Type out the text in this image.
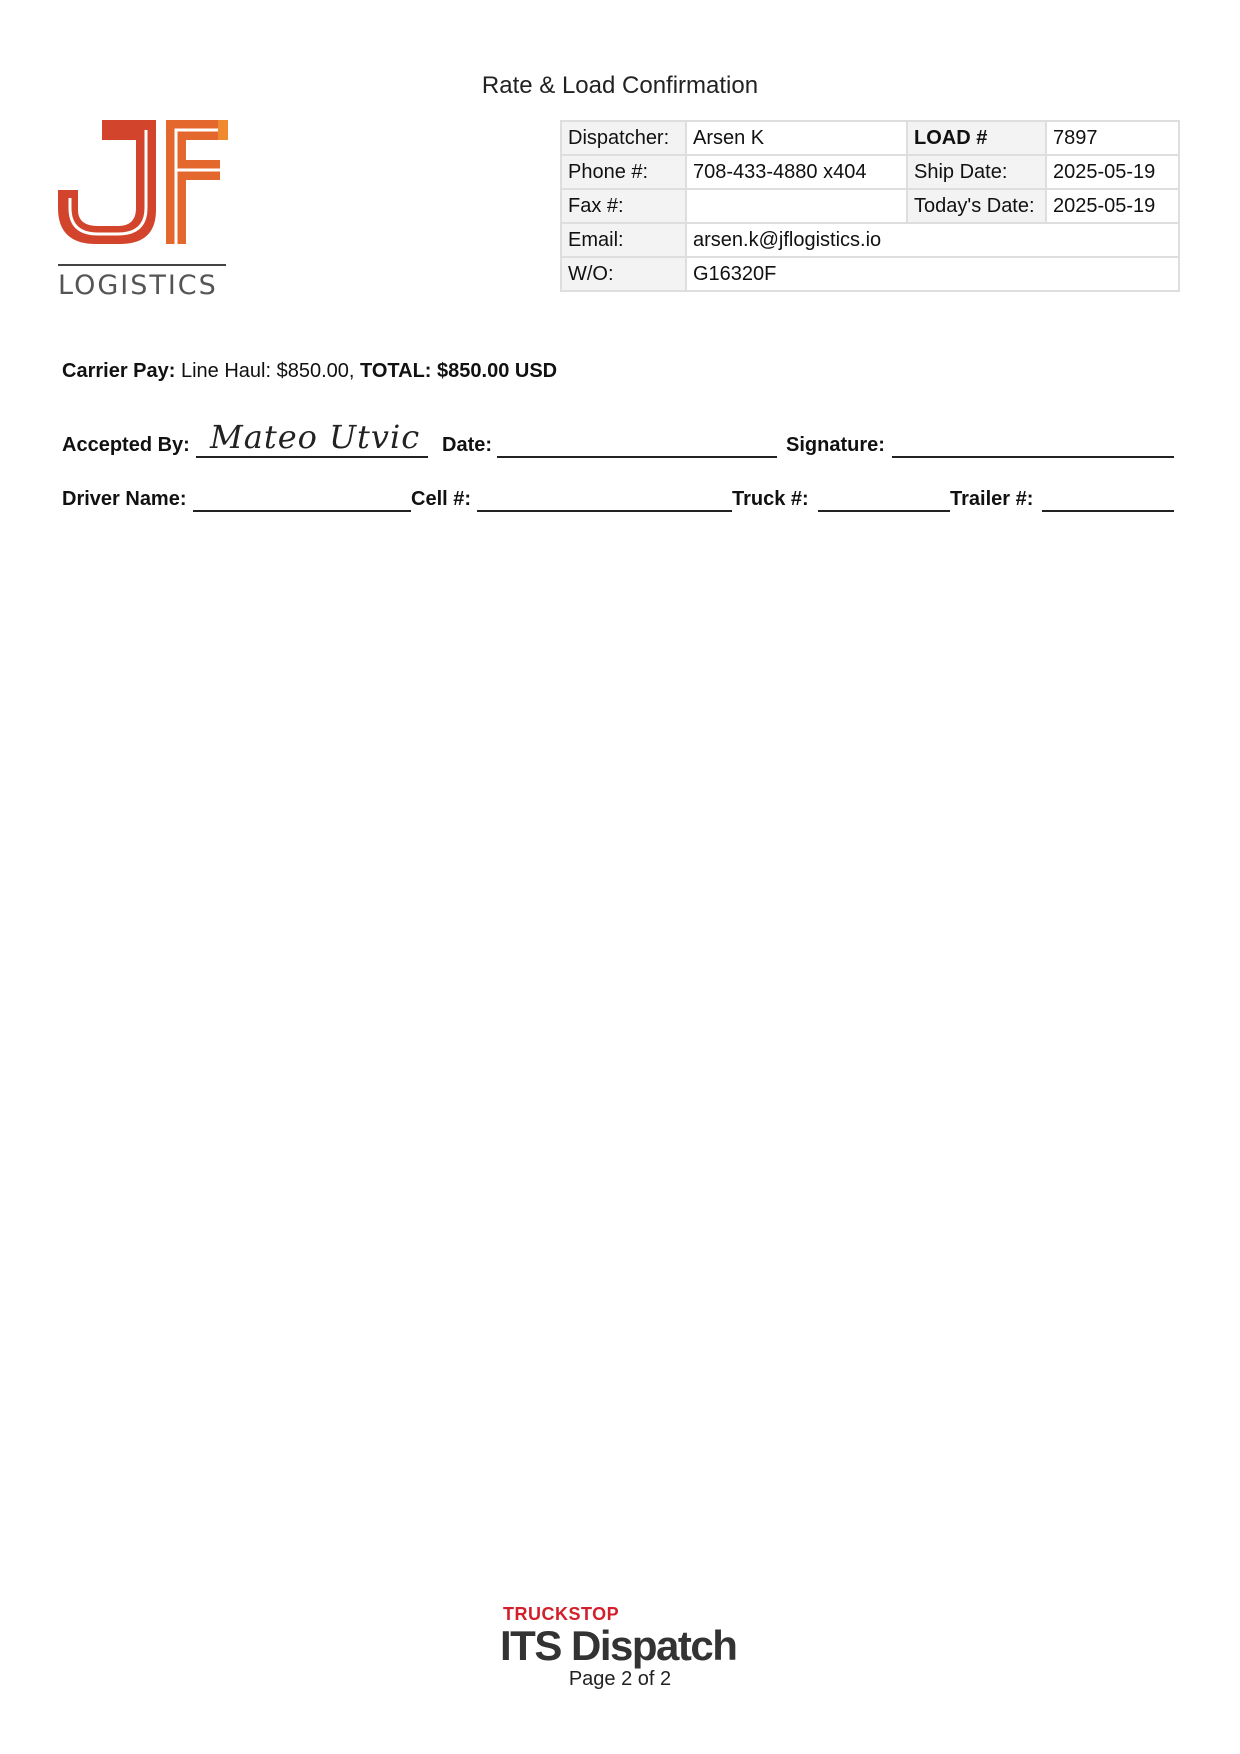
Rate & Load Confirmation
LOGISTICS
Dispatcher:	Arsen K	LOAD #	7897
Phone #:	708-433-4880 x404	Ship Date:	2025-05-19
Fax #:		Today's Date:	2025-05-19
Email:	arsen.k@jflogistics.io		
W/O:	G16320F		
Carrier Pay: Line Haul: $850.00, TOTAL: $850.00 USD
Accepted By: Mateo Utvic Date:	Signature:
Driver Name:	Cell #:	Truck #:	Trailer #:
TRUCKSTOP
ITS Dispatch
Page 2 of 2
